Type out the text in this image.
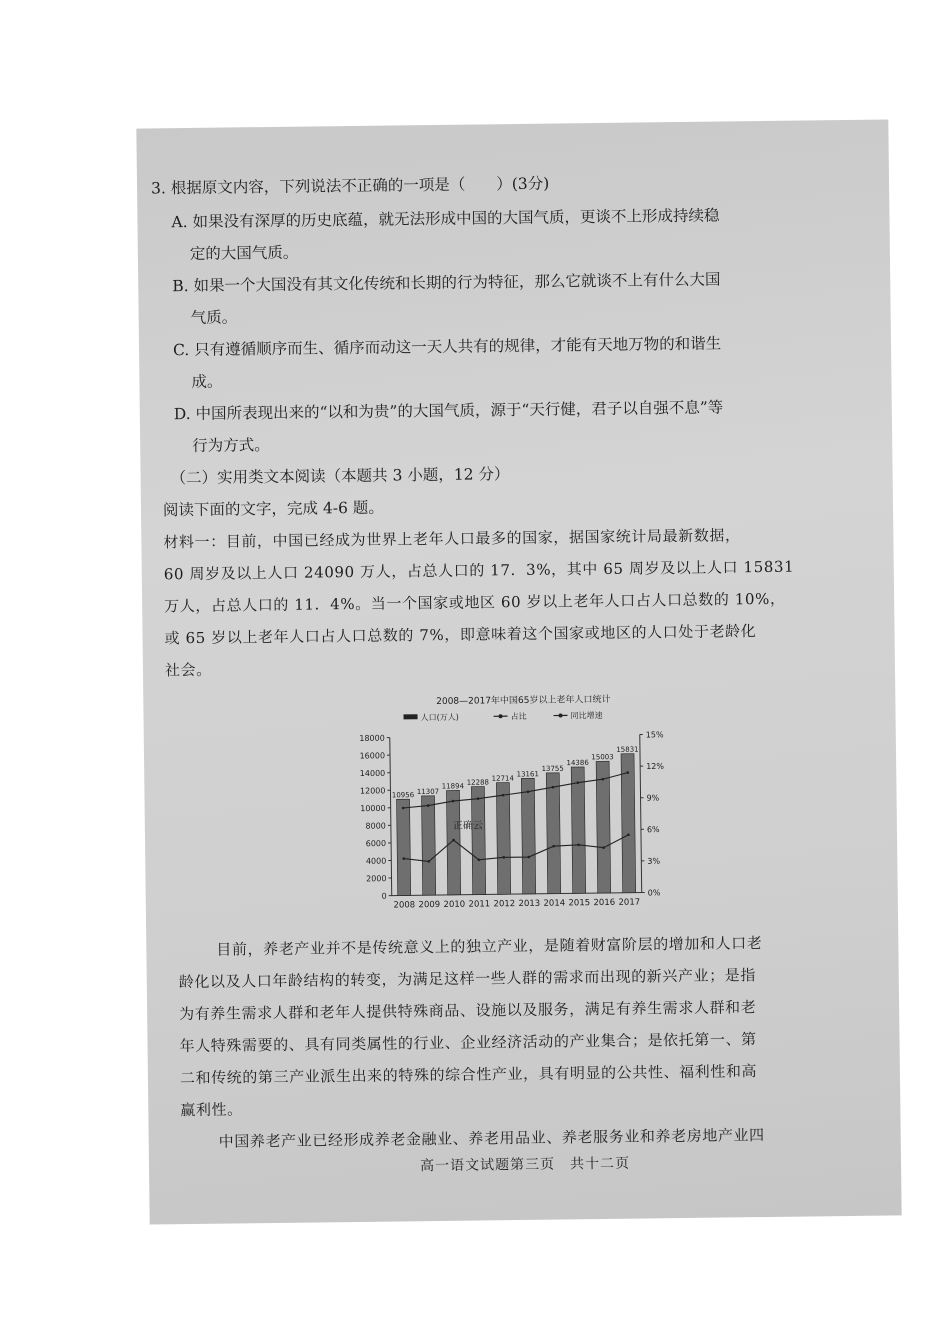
3. 根据原文内容，下列说法不正确的一项是（　　）(3分)
A. 如果没有深厚的历史底蕴，就无法形成中国的大国气质，更谈不上形成持续稳
定的大国气质。
B. 如果一个大国没有其文化传统和长期的行为特征，那么它就谈不上有什么大国
气质。
C. 只有遵循顺序而生、循序而动这一天人共有的规律，才能有天地万物的和谐生
成。
D. 中国所表现出来的“以和为贵”的大国气质，源于“天行健，君子以自强不息”等
行为方式。
（二）实用类文本阅读（本题共 3 小题，12 分）
阅读下面的文字，完成 4-6 题。
材料一：目前，中国已经成为世界上老年人口最多的国家，据国家统计局最新数据，
60 周岁及以上人口 24090 万人，占总人口的 17．3%，其中 65 周岁及以上人口 15831
万人，占总人口的 11．4%。当一个国家或地区 60 岁以上老年人口占人口总数的 10%，
或 65 岁以上老年人口占人口总数的 7%，即意味着这个国家或地区的人口处于老龄化
社会。
2008—2017年中国65岁以上老年人口统计
人口(万人)	占比	同比增速
0
2000
4000
6000
8000
10000
12000
14000
16000
18000
0%
3%
6%
9%
12%
15%
2008 2009 2010 2011 2012 2013 2014 2015 2016 2017
10956 11307
11894 12288 12714
13161
13755
14386
15003
15831
正确云
目前，养老产业并不是传统意义上的独立产业，是随着财富阶层的增加和人口老
龄化以及人口年龄结构的转变，为满足这样一些人群的需求而出现的新兴产业；是指
为有养生需求人群和老年人提供特殊商品、设施以及服务，满足有养生需求人群和老
年人特殊需要的、具有同类属性的行业、企业经济活动的产业集合；是依托第一、第
二和传统的第三产业派生出来的特殊的综合性产业，具有明显的公共性、福利性和高
赢利性。
中国养老产业已经形成养老金融业、养老用品业、养老服务业和养老房地产业四
高一语文试题第三页　共十二页
